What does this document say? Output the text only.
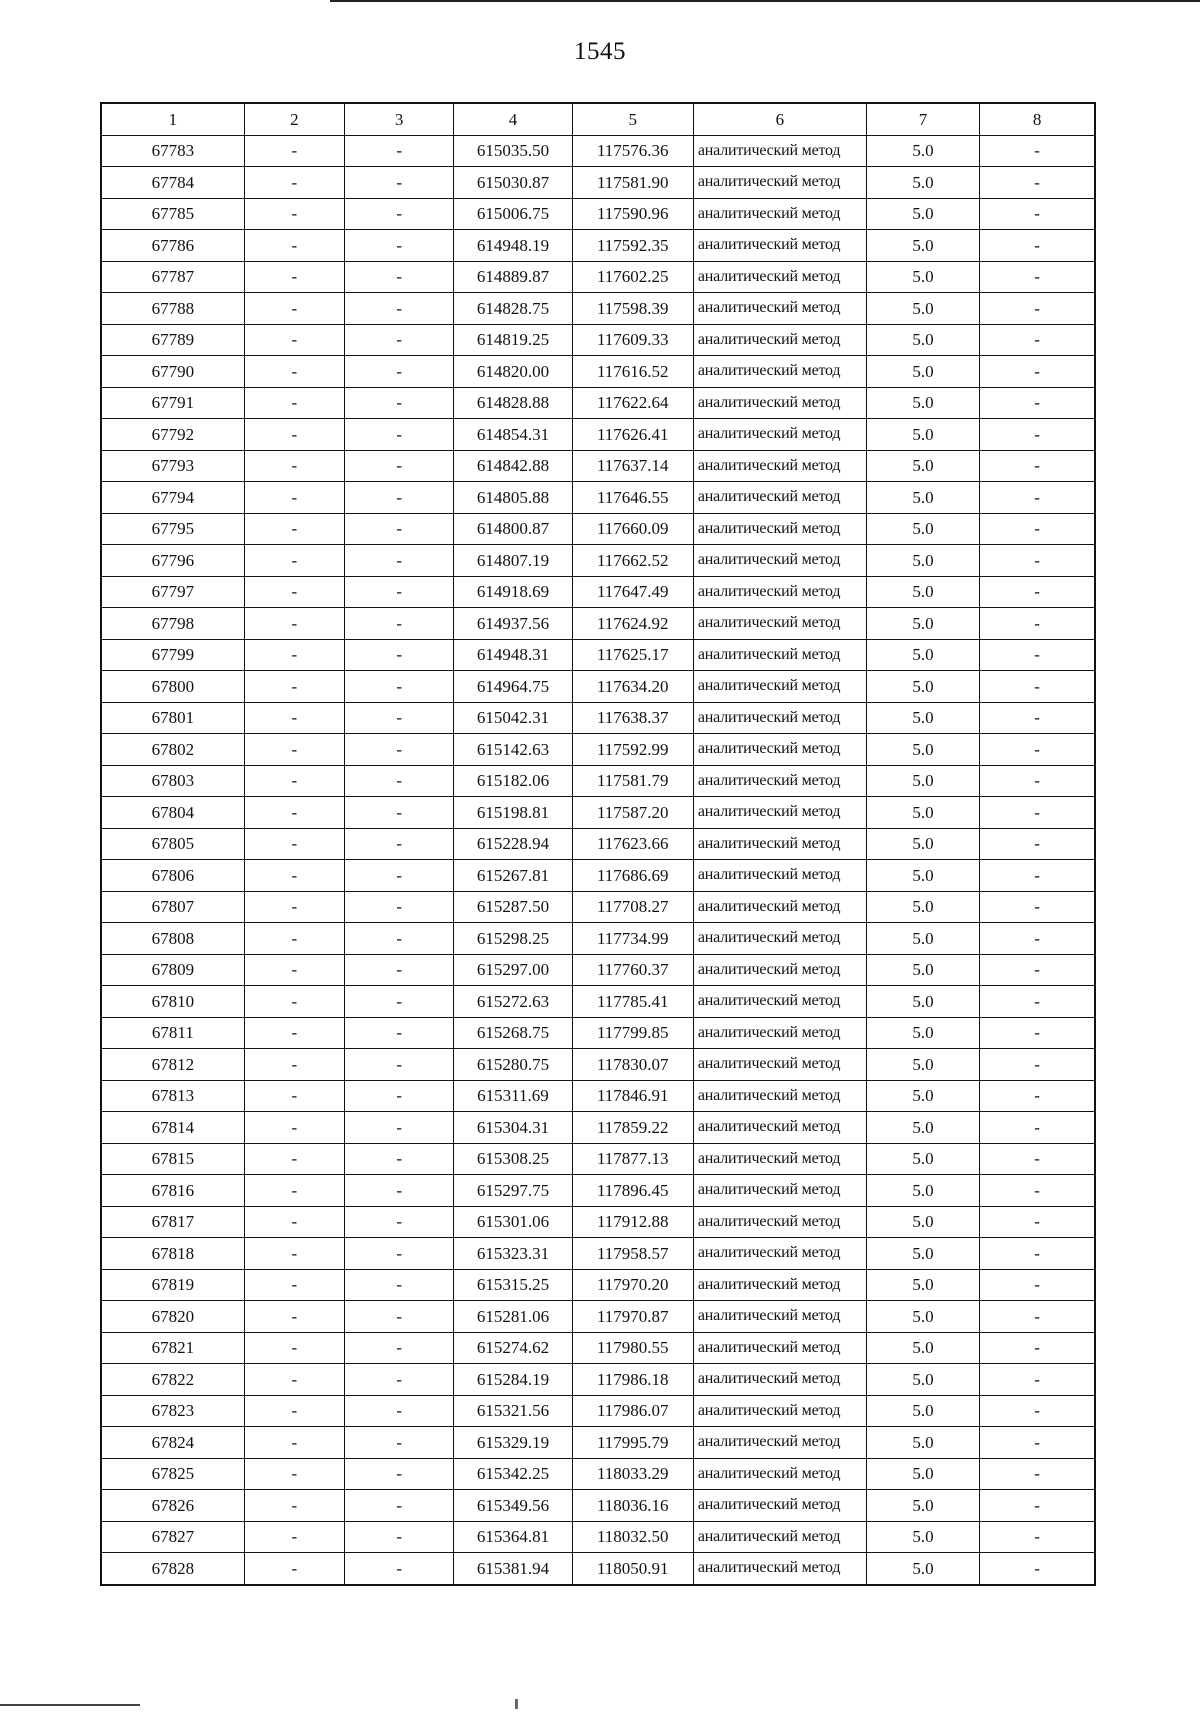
1545
1	2	3	4	5	6	7	8
67783	-	-	615035.50	117576.36	аналитический метод	5.0	-
67784	-	-	615030.87	117581.90	аналитический метод	5.0	-
67785	-	-	615006.75	117590.96	аналитический метод	5.0	-
67786	-	-	614948.19	117592.35	аналитический метод	5.0	-
67787	-	-	614889.87	117602.25	аналитический метод	5.0	-
67788	-	-	614828.75	117598.39	аналитический метод	5.0	-
67789	-	-	614819.25	117609.33	аналитический метод	5.0	-
67790	-	-	614820.00	117616.52	аналитический метод	5.0	-
67791	-	-	614828.88	117622.64	аналитический метод	5.0	-
67792	-	-	614854.31	117626.41	аналитический метод	5.0	-
67793	-	-	614842.88	117637.14	аналитический метод	5.0	-
67794	-	-	614805.88	117646.55	аналитический метод	5.0	-
67795	-	-	614800.87	117660.09	аналитический метод	5.0	-
67796	-	-	614807.19	117662.52	аналитический метод	5.0	-
67797	-	-	614918.69	117647.49	аналитический метод	5.0	-
67798	-	-	614937.56	117624.92	аналитический метод	5.0	-
67799	-	-	614948.31	117625.17	аналитический метод	5.0	-
67800	-	-	614964.75	117634.20	аналитический метод	5.0	-
67801	-	-	615042.31	117638.37	аналитический метод	5.0	-
67802	-	-	615142.63	117592.99	аналитический метод	5.0	-
67803	-	-	615182.06	117581.79	аналитический метод	5.0	-
67804	-	-	615198.81	117587.20	аналитический метод	5.0	-
67805	-	-	615228.94	117623.66	аналитический метод	5.0	-
67806	-	-	615267.81	117686.69	аналитический метод	5.0	-
67807	-	-	615287.50	117708.27	аналитический метод	5.0	-
67808	-	-	615298.25	117734.99	аналитический метод	5.0	-
67809	-	-	615297.00	117760.37	аналитический метод	5.0	-
67810	-	-	615272.63	117785.41	аналитический метод	5.0	-
67811	-	-	615268.75	117799.85	аналитический метод	5.0	-
67812	-	-	615280.75	117830.07	аналитический метод	5.0	-
67813	-	-	615311.69	117846.91	аналитический метод	5.0	-
67814	-	-	615304.31	117859.22	аналитический метод	5.0	-
67815	-	-	615308.25	117877.13	аналитический метод	5.0	-
67816	-	-	615297.75	117896.45	аналитический метод	5.0	-
67817	-	-	615301.06	117912.88	аналитический метод	5.0	-
67818	-	-	615323.31	117958.57	аналитический метод	5.0	-
67819	-	-	615315.25	117970.20	аналитический метод	5.0	-
67820	-	-	615281.06	117970.87	аналитический метод	5.0	-
67821	-	-	615274.62	117980.55	аналитический метод	5.0	-
67822	-	-	615284.19	117986.18	аналитический метод	5.0	-
67823	-	-	615321.56	117986.07	аналитический метод	5.0	-
67824	-	-	615329.19	117995.79	аналитический метод	5.0	-
67825	-	-	615342.25	118033.29	аналитический метод	5.0	-
67826	-	-	615349.56	118036.16	аналитический метод	5.0	-
67827	-	-	615364.81	118032.50	аналитический метод	5.0	-
67828	-	-	615381.94	118050.91	аналитический метод	5.0	-
